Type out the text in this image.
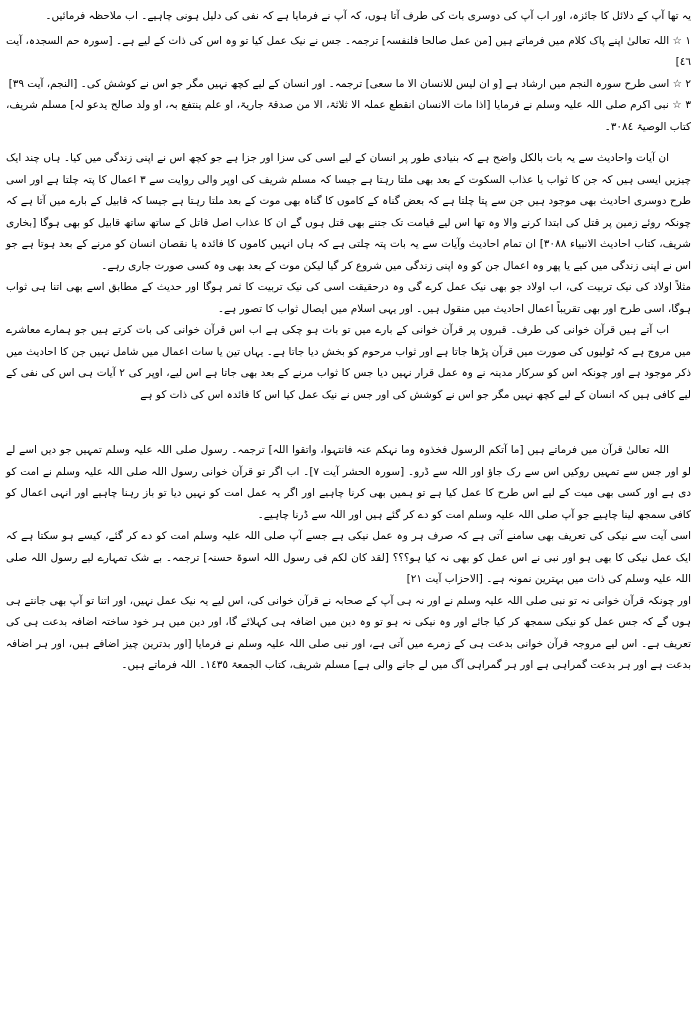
یہ تھا آپ کے دلائل کا جائزہ، اور اب آپ کی دوسری بات کی طرف آتا ہوں، کہ آپ نے فرمایا ہے کہ نفی کی دلیل ہونی چاہیے۔ اب ملاحظہ فرمائیں۔

۱ ☆ اللہ تعالیٰ اپنے پاک کلام میں فرماتے ہیں [من عمل صالحا فلنفسہ] ترجمہ۔ جس نے نیک عمل کیا تو وہ اس کی ذات کے لیے ہے۔ [سورہ حم السجدہ، آیت ٤٦]

۲ ☆ اسی طرح سورہ النجم میں ارشاد ہے [و ان لیس للانسان الا ما سعی] ترجمہ۔ اور انسان کے لیے کچھ نہیں مگر جو اس نے کوشش کی۔ [النجم، آیت ۳۹]

۳ ☆ نبی اکرم صلی اللہ علیہ وسلم نے فرمایا [اذا مات الانسان انقطع عملہ الا ثلاثۃ، الا من صدقۃ جاریۃ، او علم ینتفع بہ، او ولد صالح یدعو لہ] مسلم شریف، کتاب الوصیۃ ۳۰۸٤۔

ان آیات واحادیث سے یہ بات بالکل واضح ہے کہ بنیادی طور پر انسان کے لیے اسی کی سزا اور جزا ہے جو کچھ اس نے اپنی زندگی میں کیا۔ ہاں چند ایک چیزیں ایسی ہیں کہ جن کا ثواب یا عذاب السکوت کے بعد بھی ملتا رہتا ہے جیسا کہ مسلم شریف کی اوپر والی روایت سے ۳ اعمال کا پتہ چلتا ہے اور اسی طرح دوسری احادیث بھی موجود ہیں جن سے پتا چلتا ہے کہ بعض گناہ کے کاموں کا گناہ بھی موت کے بعد ملتا رہتا ہے جیسا کہ قابیل کے بارے میں آتا ہے کہ چونکہ روئے زمین پر قتل کی ابتدا کرنے والا وہ تھا اس لیے قیامت تک جتنے بھی قتل ہوں گے ان کا عذاب اصل قاتل کے ساتھ ساتھ قابیل کو بھی ہوگا [بخاری شریف، کتاب احادیث الانبیاء ۳۰۸۸] ان تمام احادیث وآیات سے یہ بات پتہ چلتی ہے کہ ہاں انہیں کاموں کا فائدہ یا نقصان انسان کو مرنے کے بعد ہوتا ہے جو اس نے اپنی زندگی میں کیے یا پھر وہ اعمال جن کو وہ اپنی زندگی میں شروع کر گیا لیکن موت کے بعد بھی وہ کسی صورت جاری رہے۔

مثلاً اولاد کی نیک تربیت کی، اب اولاد جو بھی نیک عمل کرے گی وہ درحقیقت اسی کی نیک تربیت کا ثمر ہوگا اور حدیث کے مطابق اسے بھی اتنا ہی ثواب ہوگا، اسی طرح اور بھی تقریباً اعمال احادیث میں منقول ہیں۔ اور یہی اسلام میں ایصال ثواب کا تصور ہے۔

اب آتے ہیں قرآن خوانی کی طرف۔ قبروں پر قرآن خوانی کے بارے میں تو بات ہو چکی ہے اب اس قرآن خوانی کی بات کرتے ہیں جو ہمارے معاشرے میں مروج ہے کہ ٹولیوں کی صورت میں قرآن پڑھا جاتا ہے اور ثواب مرحوم کو بخش دیا جاتا ہے۔ یہاں تین یا سات اعمال میں شامل نہیں جن کا احادیث میں ذکر موجود ہے اور چونکہ اس کو سرکار مدینہ نے وہ عمل قرار نہیں دیا جس کا ثواب مرنے کے بعد بھی جاتا ہے اس لیے، اوپر کی ۲ آیات ہی اس کی نفی کے لیے کافی ہیں کہ انسان کے لیے کچھ نہیں مگر جو اس نے کوشش کی اور جس نے نیک عمل کیا اس کا فائدہ اس کی ذات کو ہے

اللہ تعالیٰ قرآن میں فرماتے ہیں [ما آتکم الرسول فخذوہ وما نہکم عنہ فانتہوا، واتقوا اللہ] ترجمہ۔ رسول صلی اللہ علیہ وسلم تمہیں جو دیں اسے لے لو اور جس سے تمہیں روکیں اس سے رک جاؤ اور اللہ سے ڈرو۔ [سورہ الحشر آیت ۷]۔ اب اگر تو قرآن خوانی رسول اللہ صلی اللہ علیہ وسلم نے امت کو دی ہے اور کسی بھی میت کے لیے اس طرح کا عمل کیا ہے تو ہمیں بھی کرنا چاہیے اور اگر یہ عمل امت کو نہیں دیا تو باز رہنا چاہیے اور انہی اعمال کو کافی سمجھ لینا چاہیے جو آپ صلی اللہ علیہ وسلم امت کو دے کر گئے ہیں اور اللہ سے ڈرنا چاہیے۔

اسی آیت سے نیکی کی تعریف بھی سامنے آتی ہے کہ صرف ہر وہ عمل نیکی ہے جسے آپ صلی اللہ علیہ وسلم امت کو دے کر گئے، کیسے ہو سکتا ہے کہ ایک عمل نیکی کا بھی ہو اور نبی نے اس عمل کو بھی نہ کیا ہو؟؟؟ [لقد کان لکم فی رسول اللہ اسوۃ حسنہ] ترجمہ۔ بے شک تمہارے لیے رسول اللہ صلی اللہ علیہ وسلم کی ذات میں بہترین نمونہ ہے۔ [الاحزاب آیت ۲۱]

اور چونکہ قرآن خوانی نہ تو نبی صلی اللہ علیہ وسلم نے اور نہ ہی آپ کے صحابہ نے قرآن خوانی کی، اس لیے یہ نیک عمل نہیں، اور اتنا تو آپ بھی جانتے ہی ہوں گے کہ جس عمل کو نیکی سمجھ کر کیا جائے اور وہ نیکی نہ ہو تو وہ دین میں اضافہ ہی کہلائے گا، اور دین میں ہر خود ساختہ اضافہ بدعت ہی کی تعریف ہے۔ اس لیے مروجہ قرآن خوانی بدعت ہی کے زمرے میں آتی ہے، اور نبی صلی اللہ علیہ وسلم نے فرمایا [اور بدترین چیز اضافے ہیں، اور ہر اضافہ بدعت ہے اور ہر بدعت گمراہی ہے اور ہر گمراہی آگ میں لے جانے والی ہے] مسلم شریف، کتاب الجمعۃ ۱٤۳٥۔ اللہ فرماتے ہیں۔
